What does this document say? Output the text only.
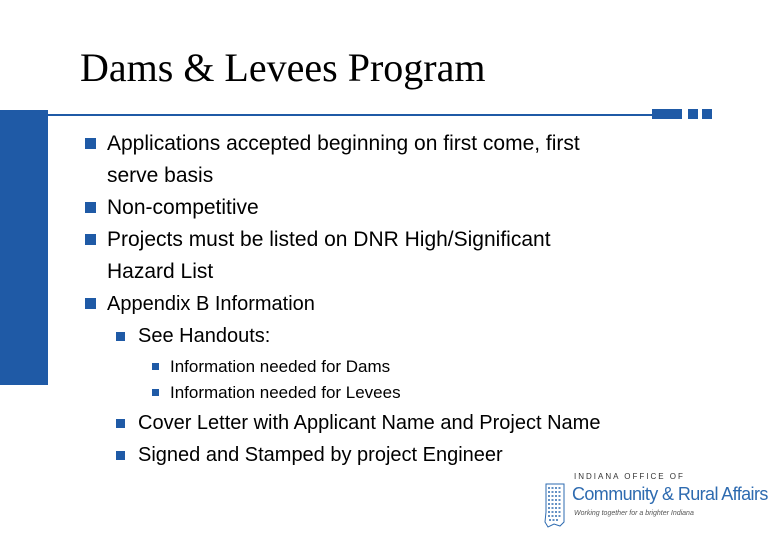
Dams & Levees Program
Applications accepted beginning on first come, first
serve basis
Non-competitive
Projects must be listed on DNR High/Significant
Hazard List
Appendix B Information
See Handouts:
Information needed for Dams
Information needed for Levees
Cover Letter with Applicant Name and Project Name
Signed and Stamped by project Engineer
INDIANA OFFICE OF
Community & Rural Affairs
Working together for a brighter Indiana
